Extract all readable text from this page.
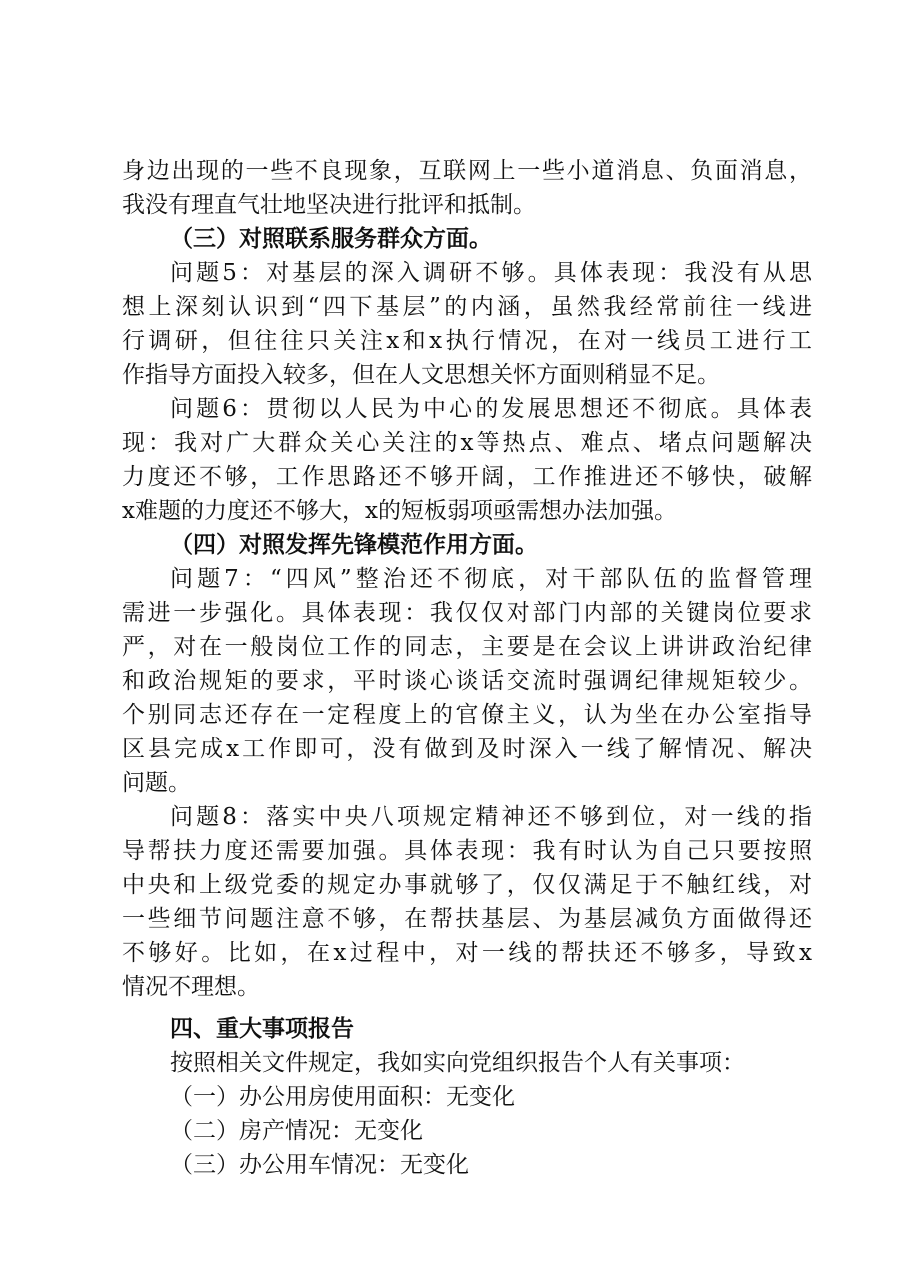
身边出现的一些不良现象，互联网上一些小道消息、负面消息，
我没有理直气壮地坚决进行批评和抵制。
（三）对照联系服务群众方面。
问题5：对基层的深入调研不够。具体表现：我没有从思
想上深刻认识到“四下基层”的内涵，虽然我经常前往一线进
行调研，但往往只关注x和x执行情况，在对一线员工进行工
作指导方面投入较多，但在人文思想关怀方面则稍显不足。
问题6：贯彻以人民为中心的发展思想还不彻底。具体表
现：我对广大群众关心关注的x等热点、难点、堵点问题解决
力度还不够，工作思路还不够开阔，工作推进还不够快，破解
x难题的力度还不够大，x的短板弱项亟需想办法加强。
（四）对照发挥先锋模范作用方面。
问题7：“四风”整治还不彻底，对干部队伍的监督管理
需进一步强化。具体表现：我仅仅对部门内部的关键岗位要求
严，对在一般岗位工作的同志，主要是在会议上讲讲政治纪律
和政治规矩的要求，平时谈心谈话交流时强调纪律规矩较少。
个别同志还存在一定程度上的官僚主义，认为坐在办公室指导
区县完成x工作即可，没有做到及时深入一线了解情况、解决
问题。
问题8：落实中央八项规定精神还不够到位，对一线的指
导帮扶力度还需要加强。具体表现：我有时认为自己只要按照
中央和上级党委的规定办事就够了，仅仅满足于不触红线，对
一些细节问题注意不够，在帮扶基层、为基层减负方面做得还
不够好。比如，在x过程中，对一线的帮扶还不够多，导致x
情况不理想。
四、重大事项报告
按照相关文件规定，我如实向党组织报告个人有关事项：
（一）办公用房使用面积：无变化
（二）房产情况：无变化
（三）办公用车情况：无变化
